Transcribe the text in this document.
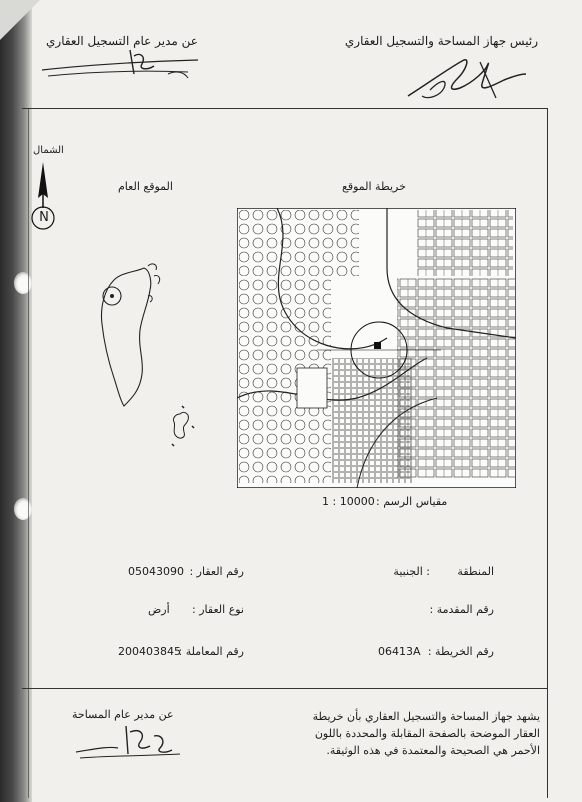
رئيس جهاز المساحة والتسجيل العقاري
عن مدير عام التسجيل العقاري
الشمال
N
الموقع العام	خريطة الموقع
مقياس الرسم :
1 : 10000
المنطقة
: الجنبية
رقم العقار :
05043090
رقم المقدمة :
نوع العقار :
أرض
رقم الخريطة :
06413A
رقم المعاملة :
200403845
يشهد جهاز المساحة والتسجيل العقاري بأن خريطة
العقار الموضحة بالصفحة المقابلة والمحددة باللون
الأحمر هي الصحيحة والمعتمدة في هذه الوثيقة.
عن مدير عام المساحة
